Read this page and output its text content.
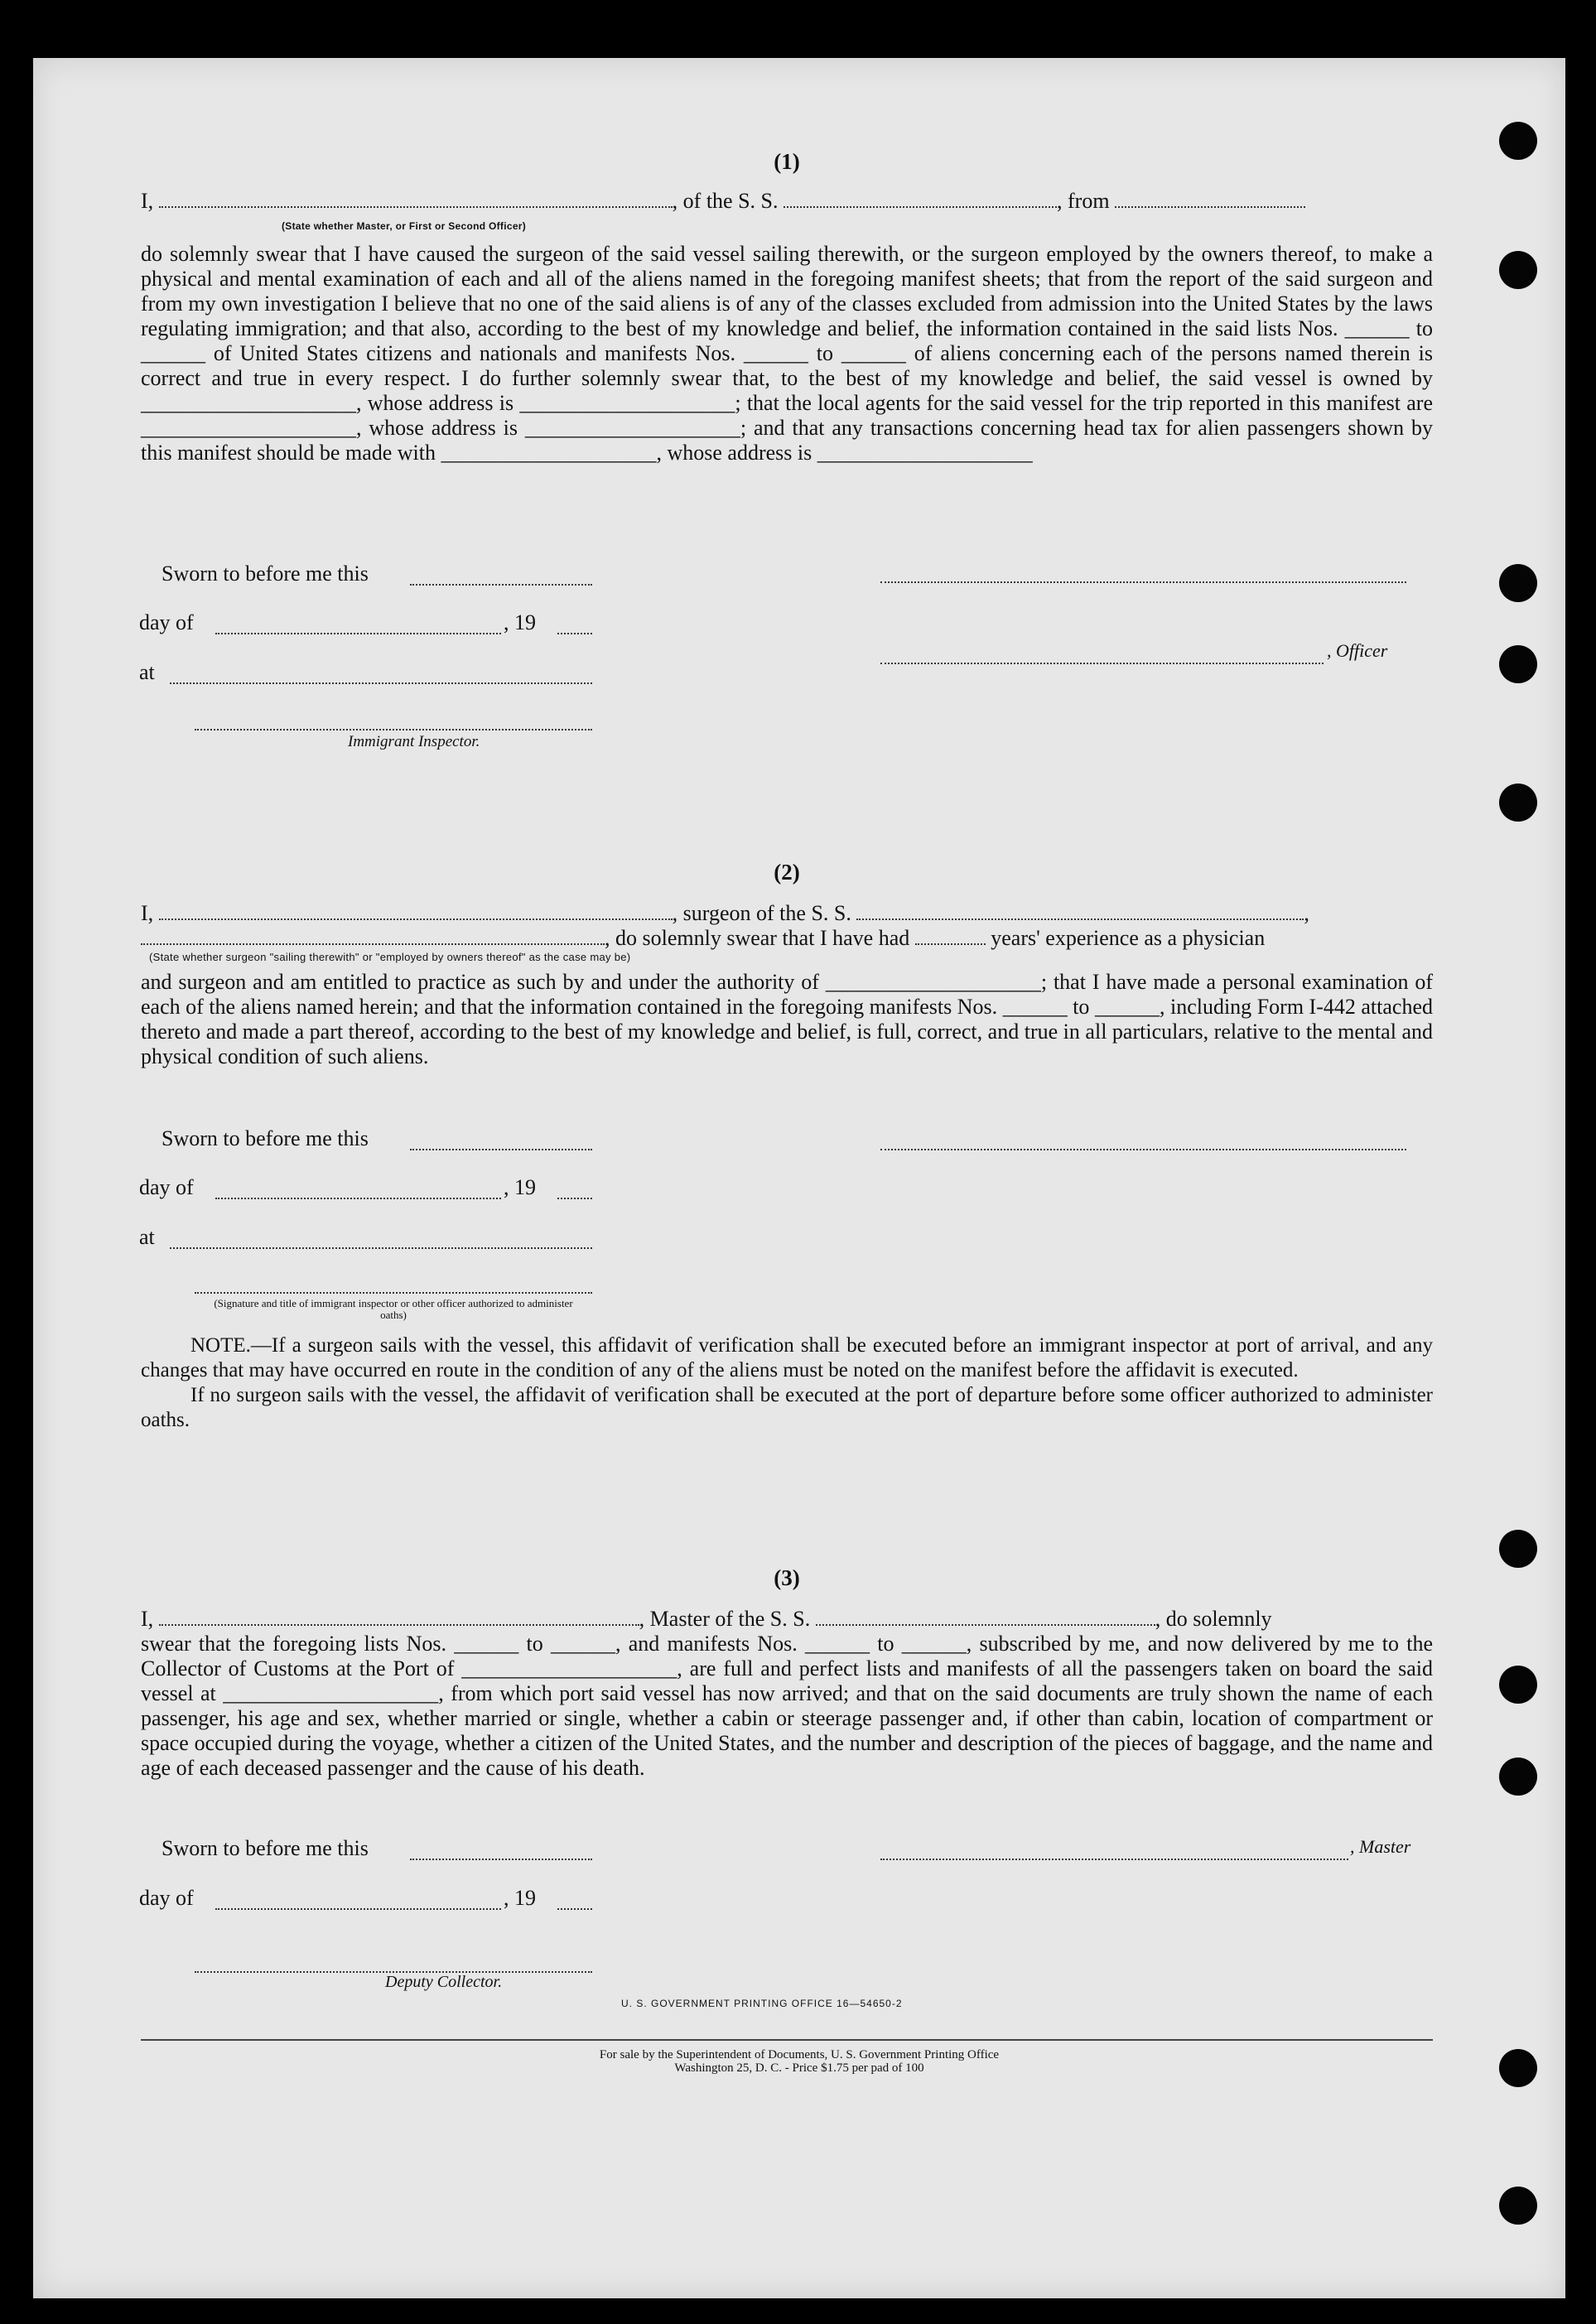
(1)
I,	, of the S. S.	, from
(State whether Master, or First or Second Officer)

do solemnly swear that I have caused the surgeon of the said vessel sailing therewith, or the surgeon employed by the owners thereof, to make a physical and mental examination of each and all of the aliens named in the foregoing manifest sheets; that from the report of the said surgeon and from my own investigation I believe that no one of the said aliens is of any of the classes excluded from admission into the United States by the laws regulating immigration; and that also, according to the best of my knowledge and belief, the information contained in the said lists Nos. ______ to ______ of United States citizens and nationals and manifests Nos. ______ to ______ of aliens concerning each of the persons named therein is correct and true in every respect. I do further solemnly swear that, to the best of my knowledge and belief, the said vessel is owned by ____________________, whose address is ____________________; that the local agents for the said vessel for the trip reported in this manifest are ____________________, whose address is ____________________; and that any transactions concerning head tax for alien passengers shown by this manifest should be made with ____________________, whose address is ____________________

Sworn to before me this
day of	, 19
at
, Officer
Immigrant Inspector.
(2)
I,	, surgeon of the S. S.	,
, do solemnly swear that I have had	years' experience as a physician
(State whether surgeon "sailing therewith" or "employed by owners thereof" as the case may be)

and surgeon and am entitled to practice as such by and under the authority of ____________________; that I have made a personal examination of each of the aliens named herein; and that the information contained in the foregoing manifests Nos. ______ to ______, including Form I-442 attached thereto and made a part thereof, according to the best of my knowledge and belief, is full, correct, and true in all particulars, relative to the mental and physical condition of such aliens.

Sworn to before me this
day of	, 19
at
(Signature and title of immigrant inspector or other officer authorized to administer oaths)

NOTE.—If a surgeon sails with the vessel, this affidavit of verification shall be executed before an immigrant inspector at port of arrival, and any changes that may have occurred en route in the condition of any of the aliens must be noted on the manifest before the affidavit is executed.

If no surgeon sails with the vessel, the affidavit of verification shall be executed at the port of departure before some officer authorized to administer oaths.

(3)
I,	, Master of the S. S.	, do solemnly

swear that the foregoing lists Nos. ______ to ______, and manifests Nos. ______ to ______, subscribed by me, and now delivered by me to the Collector of Customs at the Port of ____________________, are full and perfect lists and manifests of all the passengers taken on board the said vessel at ____________________, from which port said vessel has now arrived; and that on the said documents are truly shown the name of each passenger, his age and sex, whether married or single, whether a cabin or steerage passenger and, if other than cabin, location of compartment or space occupied during the voyage, whether a citizen of the United States, and the number and description of the pieces of baggage, and the name and age of each deceased passenger and the cause of his death.

Sworn to before me this	, Master
day of	, 19
Deputy Collector.
U. S. GOVERNMENT PRINTING OFFICE 16—54650-2
For sale by the Superintendent of Documents, U. S. Government Printing Office
Washington 25, D. C. - Price $1.75 per pad of 100
